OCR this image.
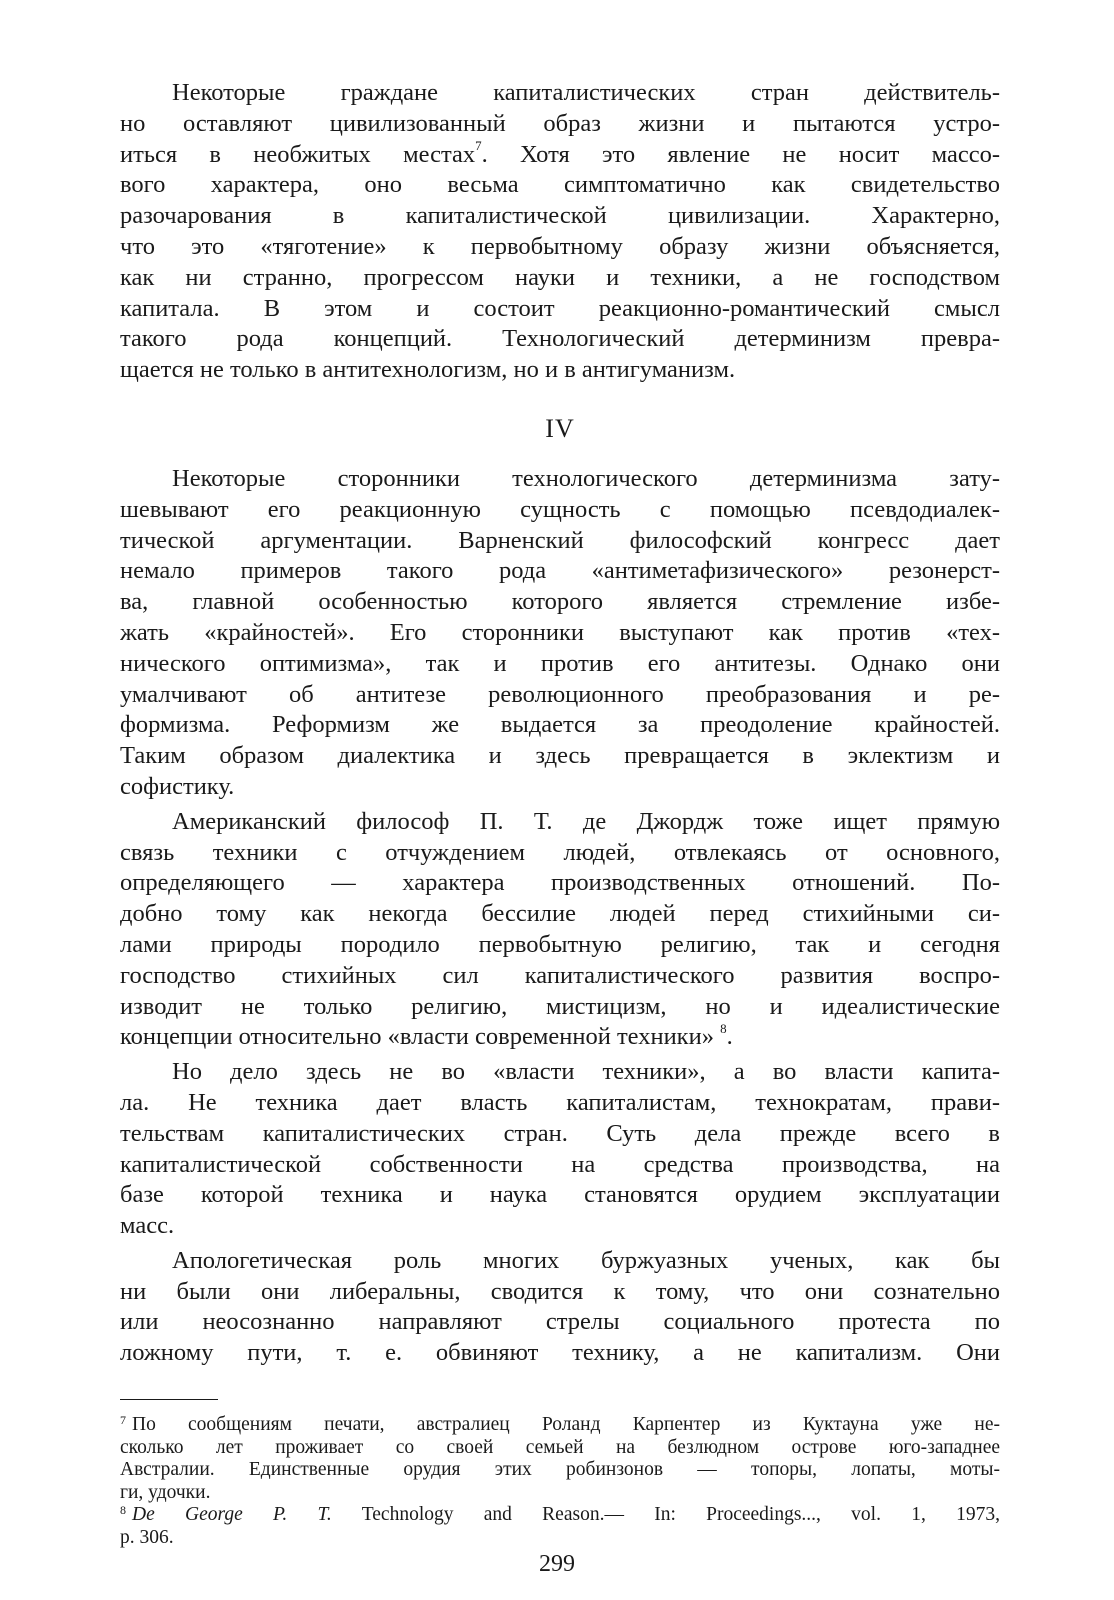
Некоторые граждане капиталистических стран действитель-
но оставляют цивилизованный образ жизни и пытаются устро-
иться в необжитых местах$^7$. Хотя это явление не носит массо-
вого характера, оно весьма симптоматично как свидетельство
разочарования в капиталистической цивилизации. Характерно,
что это «тяготение» к первобытному образу жизни объясняется,
как ни странно, прогрессом науки и техники, а не господством
капитала. В этом и состоит реакционно-романтический смысл
такого рода концепций. Технологический детерминизм превра-
щается не только в антитехнологизм, но и в антигуманизм.
IV
Некоторые сторонники технологического детерминизма зату-
шевывают его реакционную сущность с помощью псевдодиалек-
тической аргументации. Варненский философский конгресс дает
немало примеров такого рода «антиметафизического» резонерст-
ва, главной особенностью которого является стремление избе-
жать «крайностей». Его сторонники выступают как против «тех-
нического оптимизма», так и против его антитезы. Однако они
умалчивают об антитезе революционного преобразования и ре-
формизма. Реформизм же выдается за преодоление крайностей.
Таким образом диалектика и здесь превращается в эклектизм и
софистику.
Американский философ П. Т. де Джордж тоже ищет прямую
связь техники с отчуждением людей, отвлекаясь от основного,
определяющего — характера производственных отношений. По-
добно тому как некогда бессилие людей перед стихийными си-
лами природы породило первобытную религию, так и сегодня
господство стихийных сил капиталистического развития воспро-
изводит не только религию, мистицизм, но и идеалистические
концепции относительно «власти современной техники» $^8$.
Но дело здесь не во «власти техники», а во власти капита-
ла. Не техника дает власть капиталистам, технократам, прави-
тельствам капиталистических стран. Суть дела прежде всего в
капиталистической собственности на средства производства, на
базе которой техника и наука становятся орудием эксплуатации
масс.
Апологетическая роль многих буржуазных ученых, как бы
ни были они либеральны, сводится к тому, что они сознательно
или неосознанно направляют стрелы социального протеста по
ложному пути, т. е. обвиняют технику, а не капитализм. Они
$^7$ По сообщениям печати, австралиец Роланд Карпентер из Куктауна уже не-
сколько лет проживает со своей семьей на безлюдном острове юго-западнее
Австралии. Единственные орудия этих робинзонов — топоры, лопаты, моты-
ги, удочки.
$^8$ De George P. T. Technology and Reason.— In: Proceedings..., vol. 1, 1973,
p. 306.
299
